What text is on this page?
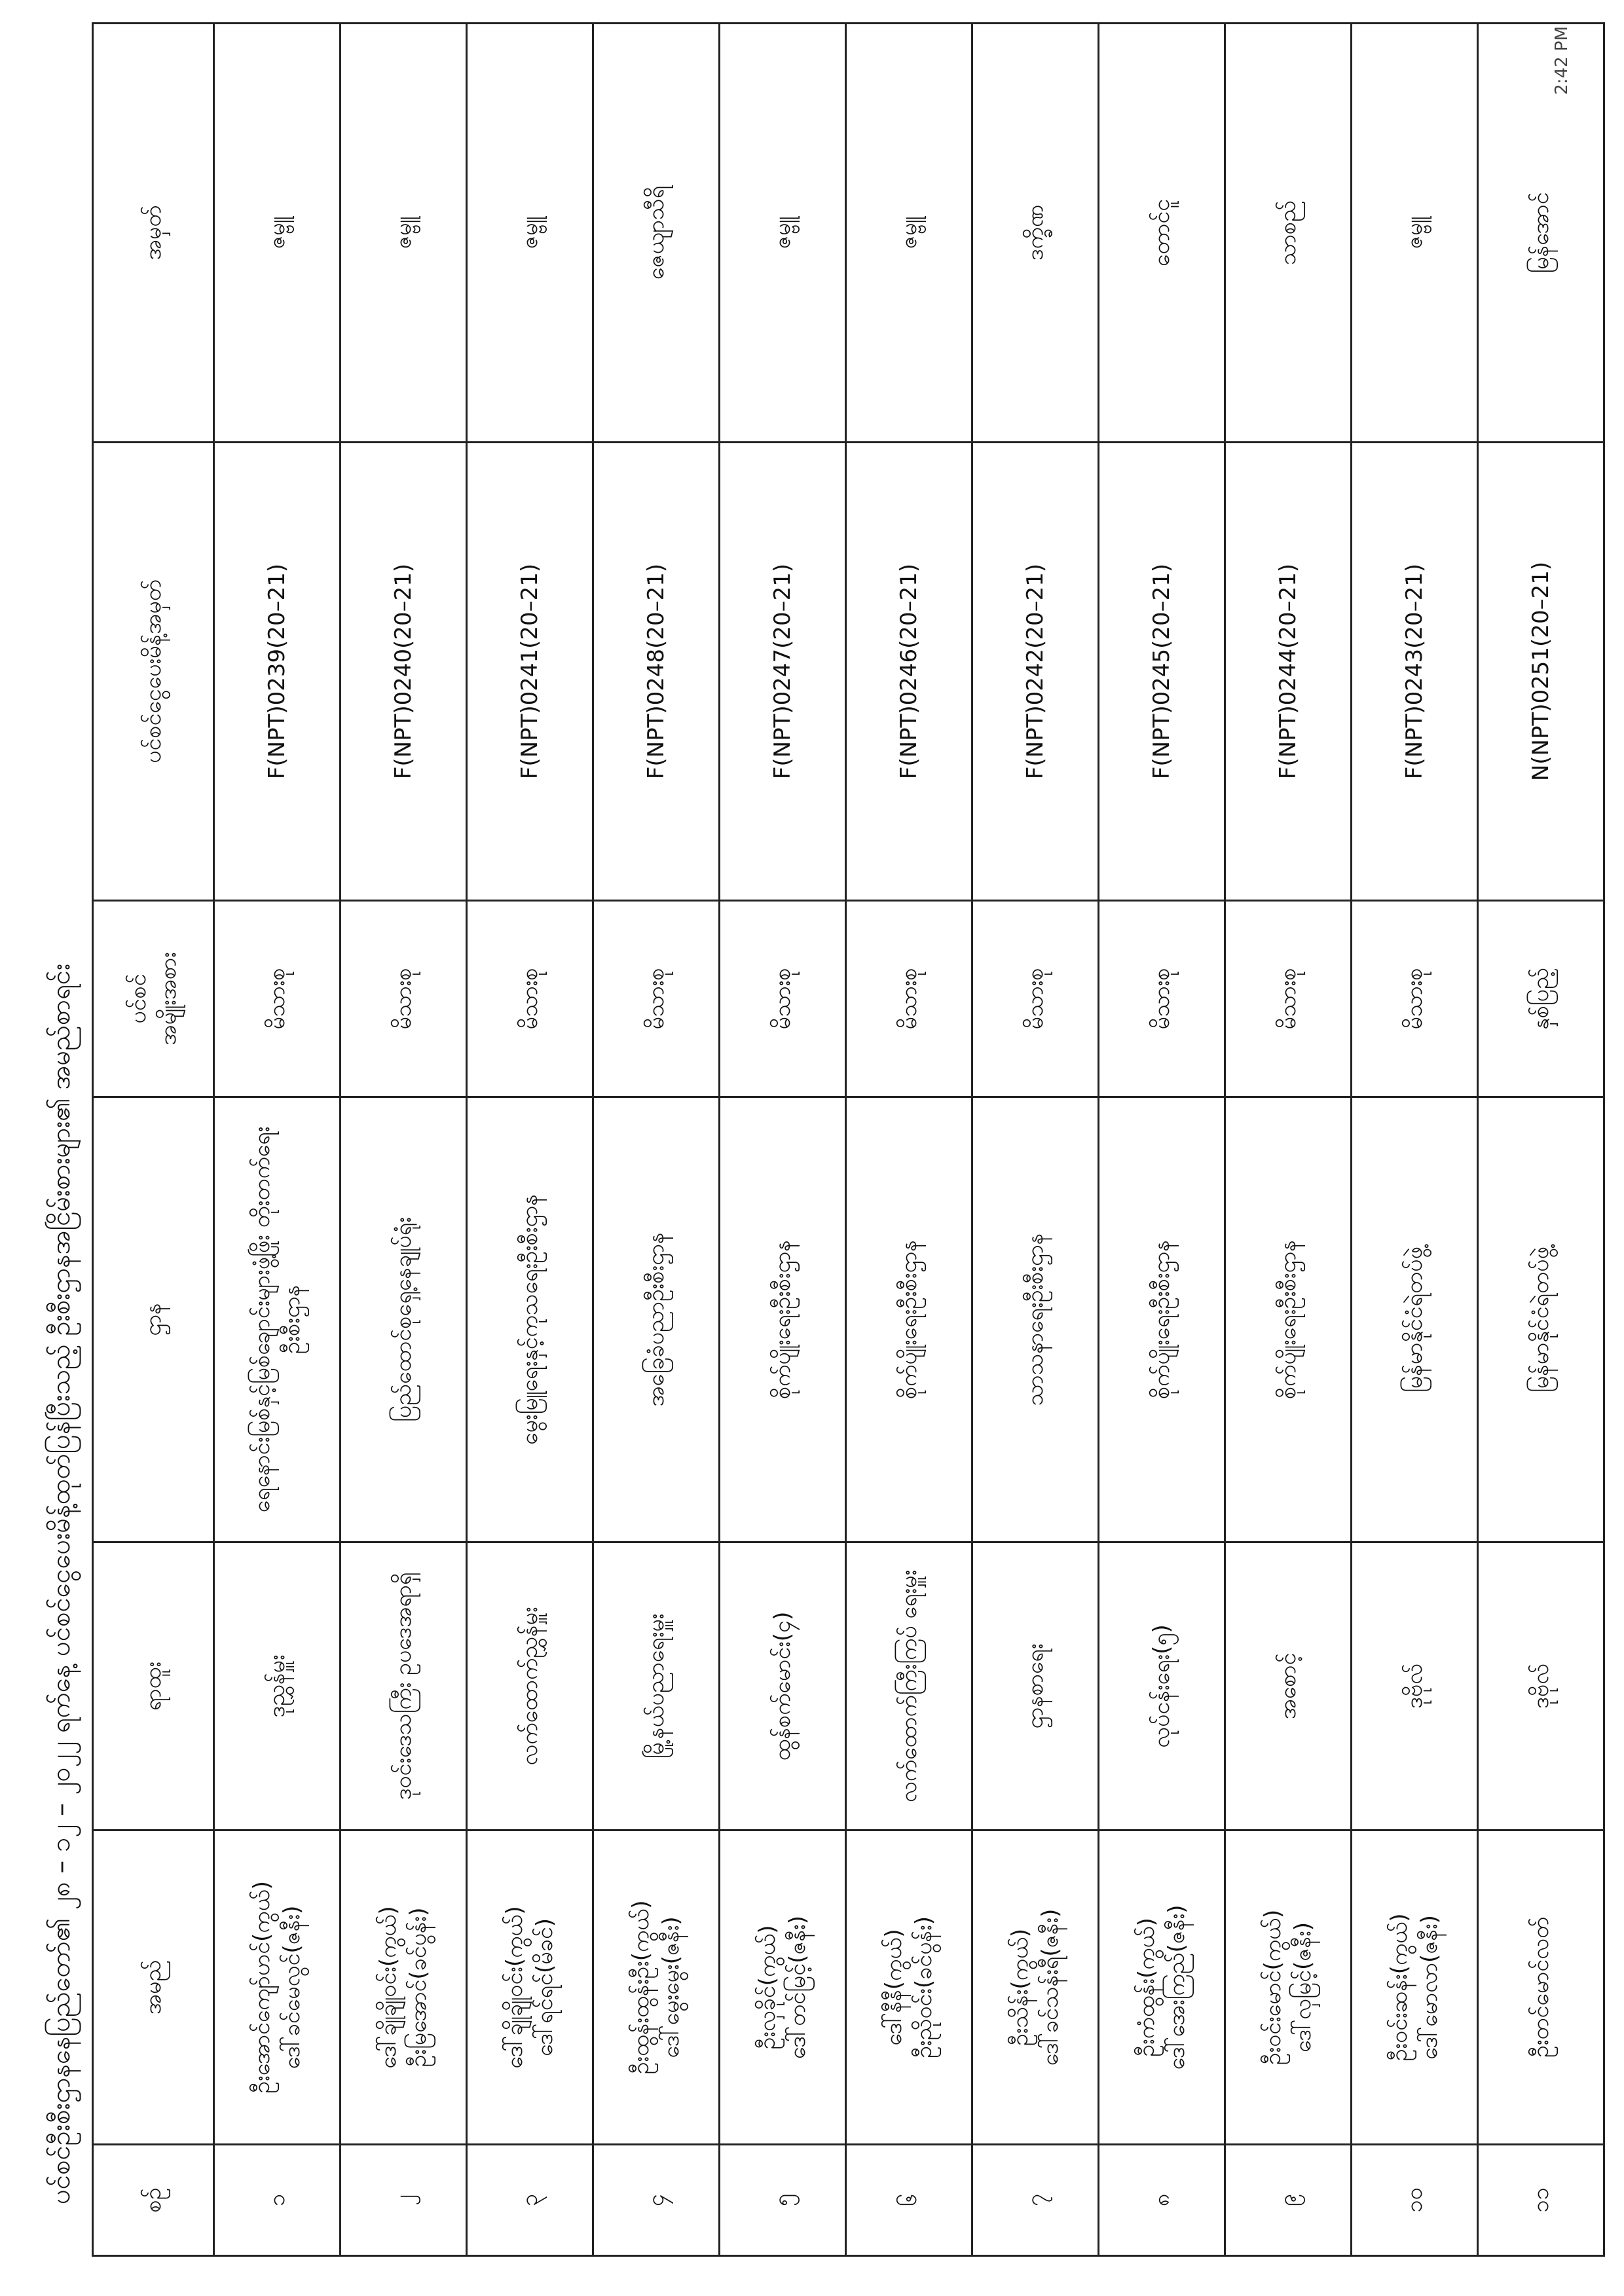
ပင်စင်ဦးစီးဌာနနေပြည်တော်၏ ၂၈ – ၁၂ – ၂၀၂၂ ရက်နေ့ ပင်စင်ငွေပေးမိန့်ထုတ်ပြန်ပြီးသည့် ဦးစီးဌာနအငြိမ်းစားများ၏ အမည်စာရင်း	စဉ်	အမည်	ရာထူး	ဌာန	ပင်စင် အမျိုးအစား	ပင်စင်ငွေပေးမိန့်အမှတ်	အမှတ်
၁	ဦးအောင်ကျော်ဟင်(ကွယ်) ဒေါ်ခင်မေလွင်(ဇနီး)	ဒုညွှန်မှူး	ရေနောင်းမြစ်နှင့်မြစ်ချောင်းများဖွံ့ဖြိုး တိုးတက်ရေးဦးစီးဌာန	မိသားစု	F(NPT)0239(20–21)	ဇမ္ဗူ
၂	ဒေါ်ချိုချိုဝင်း(ကွယ်) ဦးမြအောင်(ခင်ပွန်း)	ဒုဝင်းဒေသကြီး ဥပဒေအရာရှိ	ပြည်ထောင်စုရှေ့နေချုပ်ရုံး	မိသားစု	F(NPT)0240(20–21)	ဇမ္ဗူ
၃	ဒေါ်ချိုချိုဝင်း(ကွယ်) ဒေါ်ရင်ရင်(မိခင်)	လက်ထောက်ညွှန်မှူး	မွေးမြူရေးနှင့်ကုသရေးဦးစီးဌာန	မိသားစု	F(NPT)0241(20–21)	ဇမ္ဗူ
၄	ဦးထွန်းထွန်းဦး(ကွယ်) ဒေါ်မွေးမွေး(ဇနီး)	မြို့နယ်ပညာရေးမှူး	အခြေခံပညာဦးစီးဌာန	မိသားစု	F(NPT)0248(20–21)	ဇေယျာသီရိ
၅	ဦးလှခိုင်(ကွယ်) ဒေါ်တင်မြင့်(ဇနီး)	ထွန်စက်မောင်း(၄)	စိုက်ပျိုးရေးဦးစီးဌာန	မိသားစု	F(NPT)0247(20–21)	ဇမ္ဗူ
၆	ဒေါ်နီနီ(ကွယ်) ဦးညိုဝင်း(ခင်ပွန်း)	လက်ထောက်ကြီးကြပ် ရေးမှူး	စိုက်ပျိုးရေးဦးစီးဌာန	မိသားစု	F(NPT)0246(20–21)	ဇမ္ဗူ
၇	ဦးသိန်း(ကွယ်) ဒေါ်ခင်သန်းရီ(ဇနီး)	ဌာနစာရေး	သာသနာရေးဦးစီးဌာန	မိသားစု	F(NPT)0242(20–21)	ဒက္ခိဏ
၈	ဦးကံထွန်း(ကွယ်) ဒေါ်အေးကြည်(ဇနီး)	လုပ်ငန်းရေး(၅)	စိုက်ပျိုးရေးဦးစီးဌာန	မိသားစု	F(NPT)0245(20–21)	တောင်ငူ
၉	ဦးဝင်းမောင်(ကွယ်) ဒေါ်လှမြင့်(ဇနီး)	အစောင့်	စိုက်ပျိုးရေးဦးစီးဌာန	မိသားစု	F(NPT)0244(20–21)	သာစည်
၁၀	ဦးဝင်းဆန်း(ကွယ်) ဒေါ်မောလာ(ဇနီး)	ဒုဗိုလ်	မြန်မာနိုင်ငံရဲတပ်ဖွဲ့	မိသားစု	F(NPT)0243(20–21)	ဇမ္ဗူ
၁၁	ဦးတင်မောင်လတ်	ဒုဗိုလ်	မြန်မာနိုင်ငံရဲတပ်ဖွဲ့	နှစ်ပြည့်	N(NPT)0251(20–21)	မြန်အောင်
2:42 PM
